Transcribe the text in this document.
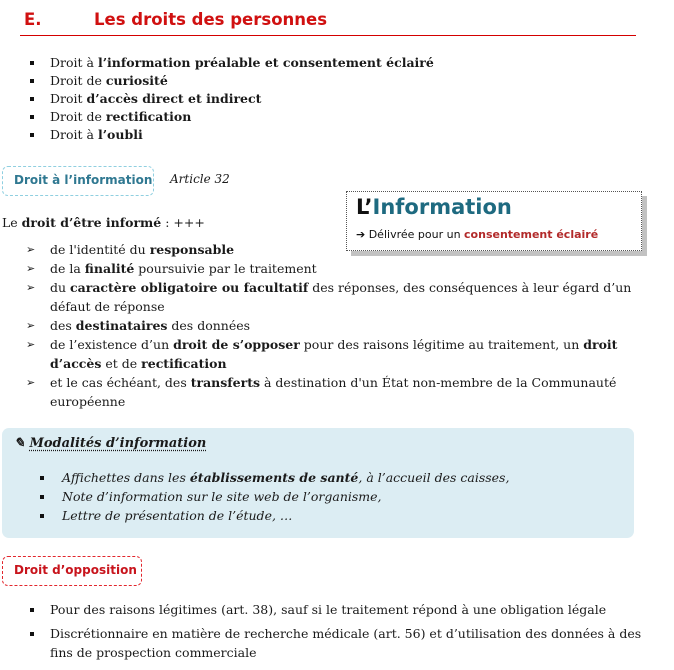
E.	Les droits des personnes
Droit à l’information préalable et consentement éclairé
Droit de curiosité
Droit d’accès direct et indirect
Droit de rectification
Droit à l’oubli
Droit à l’information Article 32
L’Information
➔ Délivrée pour un consentement éclairé
Le droit d’être informé : +++
➢ de l'identité du responsable
➢ de la finalité poursuivie par le traitement
➢ du caractère obligatoire ou facultatif des réponses, des conséquences à leur égard d’un défaut de réponse
➢ des destinataires des données
➢ de l’existence d’un droit de s’opposer pour des raisons légitime au traitement, un droit d’accès et de rectification
➢ et le cas échéant, des transferts à destination d'un État non-membre de la Communauté européenne
✎ Modalités d’information
Affichettes dans les établissements de santé, à l’accueil des caisses,
Note d’information sur le site web de l’organisme,
Lettre de présentation de l’étude, …
Droit d’opposition
Pour des raisons légitimes (art. 38), sauf si le traitement répond à une obligation légale
Discrétionnaire en matière de recherche médicale (art. 56) et d’utilisation des données à des fins de prospection commerciale
